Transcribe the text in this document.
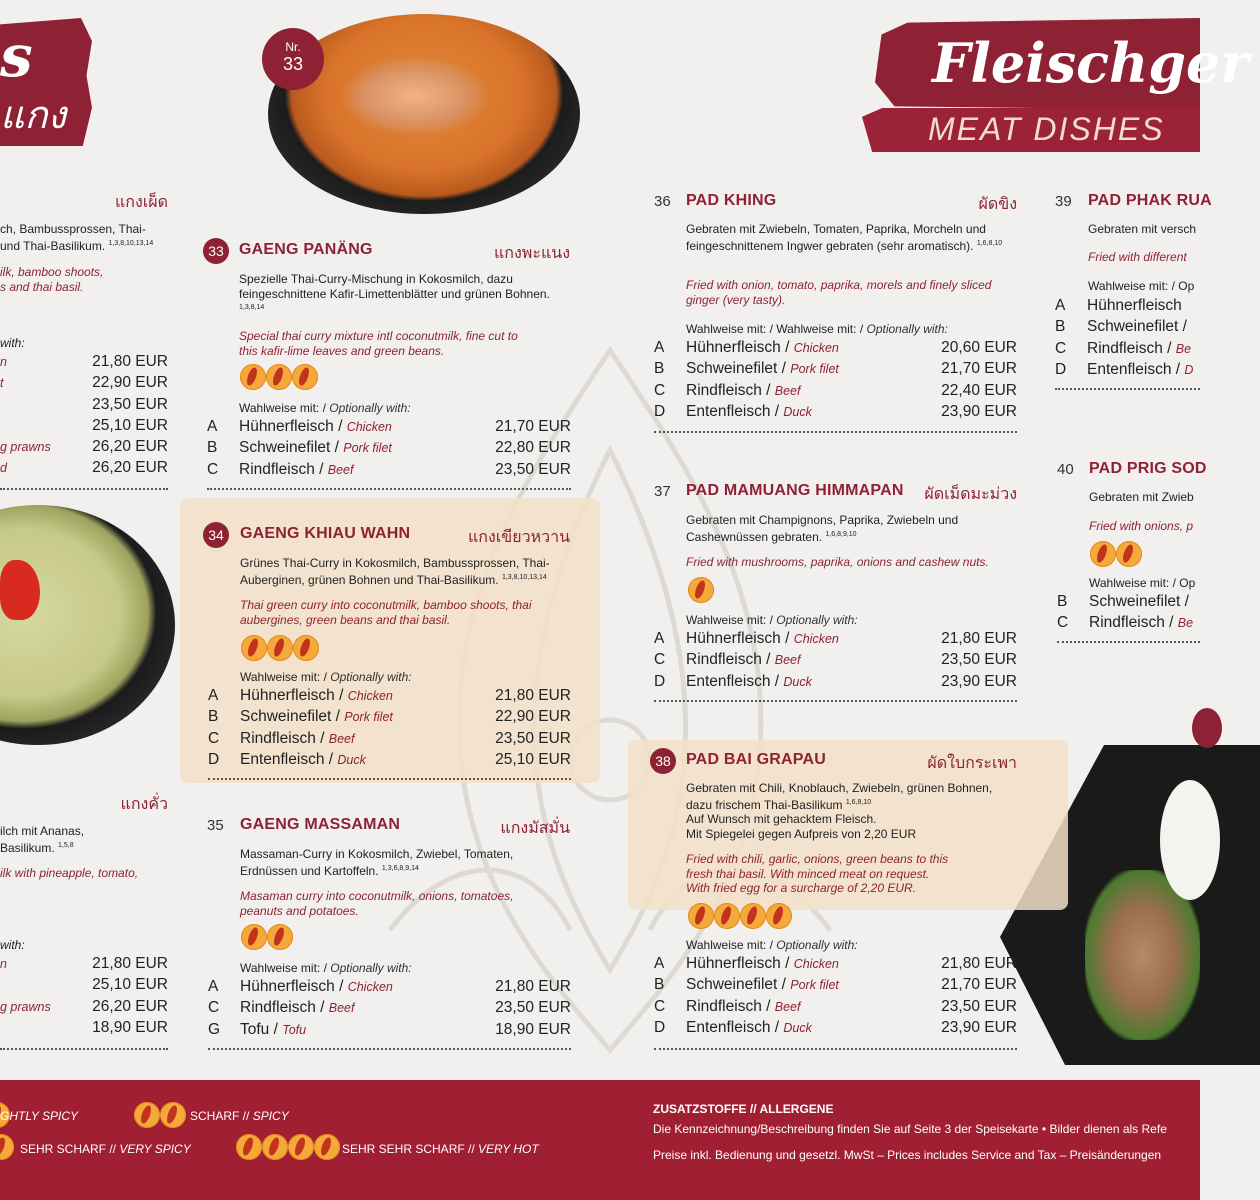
s
แกง
Fleischger
MEAT DISHES
Nr.
33
แกงเผ็ด
ch, Bambussprossen, Thai-
und Thai-Basilikum. $^{1,3,8,10,13,14}$
ilk, bamboo shoots,
s and thai basil.
with:
n	21,80 EUR
t	22,90 EUR
23,50 EUR
25,10 EUR
g prawns	26,20 EUR
d	26,20 EUR
แกงคั่ว
ilch mit Ananas,
Basilikum. $^{1,5,8}$
ilk with pineapple, tomato,
with:
n	21,80 EUR
25,10 EUR
g prawns	26,20 EUR
18,90 EUR
33 GAENG PANÄNG	แกงพะแนง
Spezielle Thai-Curry-Mischung in Kokosmilch, dazu feingeschnittene Kafir-Limettenblätter und grünen Bohnen. $^{1,3,8,14}$
Special thai curry mixture intl coconutmilk, fine cut to this kafir-lime leaves and green beans.
Wahlweise mit: / Optionally with:
A	Hühnerfleisch / Chicken	21,70 EUR
B	Schweinefilet / Pork filet	22,80 EUR
C	Rindfleisch / Beef	23,50 EUR
34	GAENG KHIAU WAHN	แกงเขียวหวาน
Grünes Thai-Curry in Kokosmilch, Bambussprossen, Thai-Auberginen, grünen Bohnen und Thai-Basilikum. $^{1,3,8,10,13,14}$
Thai green curry into coconutmilk, bamboo shoots, thai aubergines, green beans and thai basil.
Wahlweise mit: / Optionally with:
A	Hühnerfleisch / Chicken	21,80 EUR
B	Schweinefilet / Pork filet	22,90 EUR
C	Rindfleisch / Beef	23,50 EUR
D	Entenfleisch / Duck	25,10 EUR
35 GAENG MASSAMAN	แกงมัสมั่น
Massaman-Curry in Kokosmilch, Zwiebel, Tomaten, Erdnüssen und Kartoffeln. $^{1,3,6,8,9,14}$
Masaman curry into coconutmilk, onions, tomatoes, peanuts and potatoes.
Wahlweise mit: / Optionally with:
A	Hühnerfleisch / Chicken	21,80 EUR
C	Rindfleisch / Beef	23,50 EUR
G	Tofu / Tofu	18,90 EUR
36 PAD KHING	ผัดขิง
Gebraten mit Zwiebeln, Tomaten, Paprika, Morcheln und feingeschnittenem Ingwer gebraten (sehr aromatisch). $^{1,6,8,10}$
Fried with onion, tomato, paprika, morels and finely sliced ginger (very tasty).
Wahlweise mit: / Wahlweise mit: / Optionally with:
A	Hühnerfleisch / Chicken	20,60 EUR
B	Schweinefilet / Pork filet	21,70 EUR
C	Rindfleisch / Beef	22,40 EUR
D	Entenfleisch / Duck	23,90 EUR
37 PAD MAMUANG HIMMAPAN	ผัดเม็ดมะม่วง
Gebraten mit Champignons, Paprika, Zwiebeln und Cashewnüssen gebraten. $^{1,6,8,9,10}$
Fried with mushrooms, paprika, onions and cashew nuts.
Wahlweise mit: / Optionally with:
A	Hühnerfleisch / Chicken	21,80 EUR
C	Rindfleisch / Beef	23,50 EUR
D	Entenfleisch / Duck	23,90 EUR
38 PAD BAI GRAPAU	ผัดใบกระเพา
Gebraten mit Chili, Knoblauch, Zwiebeln, grünen Bohnen,
dazu frischem Thai-Basilikum $^{1,6,8,10}$
Auf Wunsch mit gehacktem Fleisch.
Mit Spiegelei gegen Aufpreis von 2,20 EUR
Fried with chili, garlic, onions, green beans to this
fresh thai basil. With minced meat on request.
With fried egg for a surcharge of 2,20 EUR.
Wahlweise mit: / Optionally with:
A	Hühnerfleisch / Chicken	21,80 EUR
B	Schweinefilet / Pork filet	21,70 EUR
C	Rindfleisch / Beef	23,50 EUR
D	Entenfleisch / Duck	23,90 EUR
39 PAD PHAK RUA
Gebraten mit versch
Fried with different
Wahlweise mit: / Op
A	Hühnerfleisch
B	Schweinefilet /
C	Rindfleisch / Be
D	Entenfleisch / D
40 PAD PRIG SOD
Gebraten mit Zwieb
Fried with onions, p
Wahlweise mit: / Op
B	Schweinefilet /
C	Rindfleisch / Be
GHTLY SPICY	SCHARF // SPICY
SEHR SCHARF // VERY SPICY	SEHR SEHR SCHARF // VERY HOT
ZUSATZSTOFFE // ALLERGENE
Die Kennzeichnung/Beschreibung finden Sie auf Seite 3 der Speisekarte • Bilder dienen als Refe
Preise inkl. Bedienung und gesetzl. MwSt – Prices includes Service and Tax – Preisänderungen
